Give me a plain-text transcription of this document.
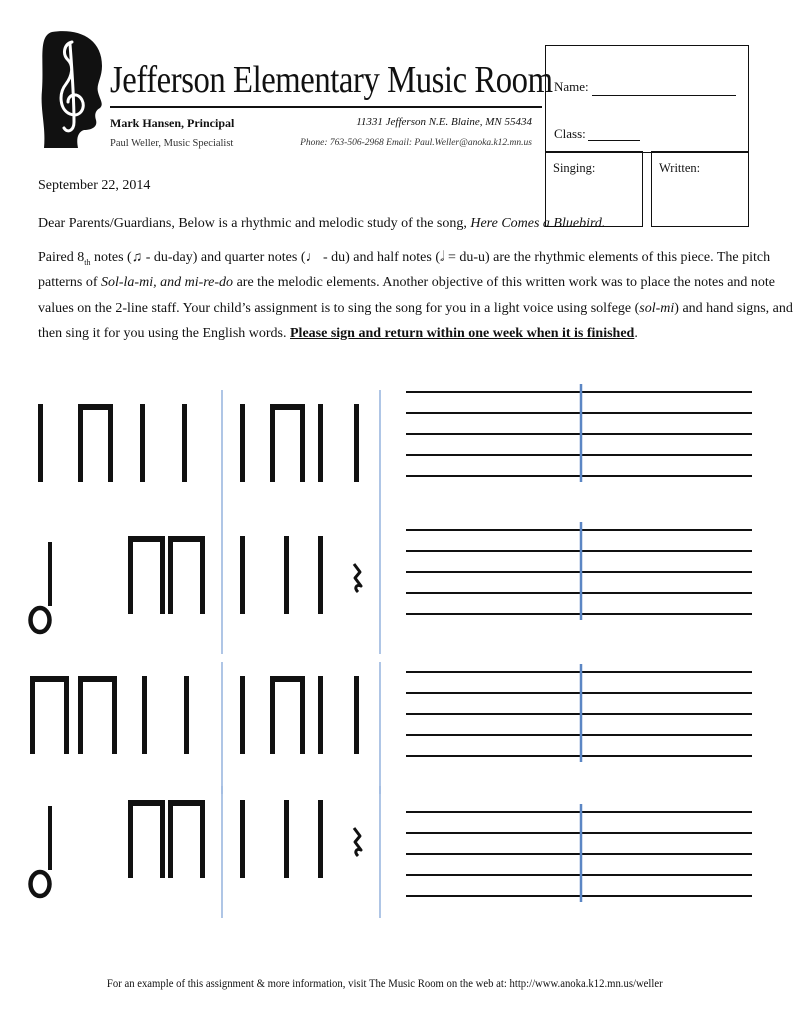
Jefferson Elementary Music Room
Mark Hansen, Principal
Paul Weller, Music Specialist
11331 Jefferson N.E. Blaine, MN 55434
Phone: 763-506-2968 Email: Paul.Weller@anoka.k12.mn.us
Name:
Class:
Singing:	Written:
September 22, 2014
Dear Parents/Guardians, Below is a rhythmic and melodic study of the song, Here Comes a Bluebird.
Paired $8_{th}$ notes (♫ - du-day) and quarter notes (♩ - du) and half notes (𝅗𝅥 = du-u) are the rhythmic elements of this piece. The pitch
patterns of Sol-la-mi, and mi-re-do are the melodic elements. Another objective of this written work was to place the notes and note
values on the 2-line staff. Your child’s assignment is to sing the song for you in a light voice using solfege (sol-mi) and hand signs, and
then sing it for you using the English words. Please sign and return within one week when it is finished.
For an example of this assignment & more information, visit The Music Room on the web at: http://www.anoka.k12.mn.us/weller
